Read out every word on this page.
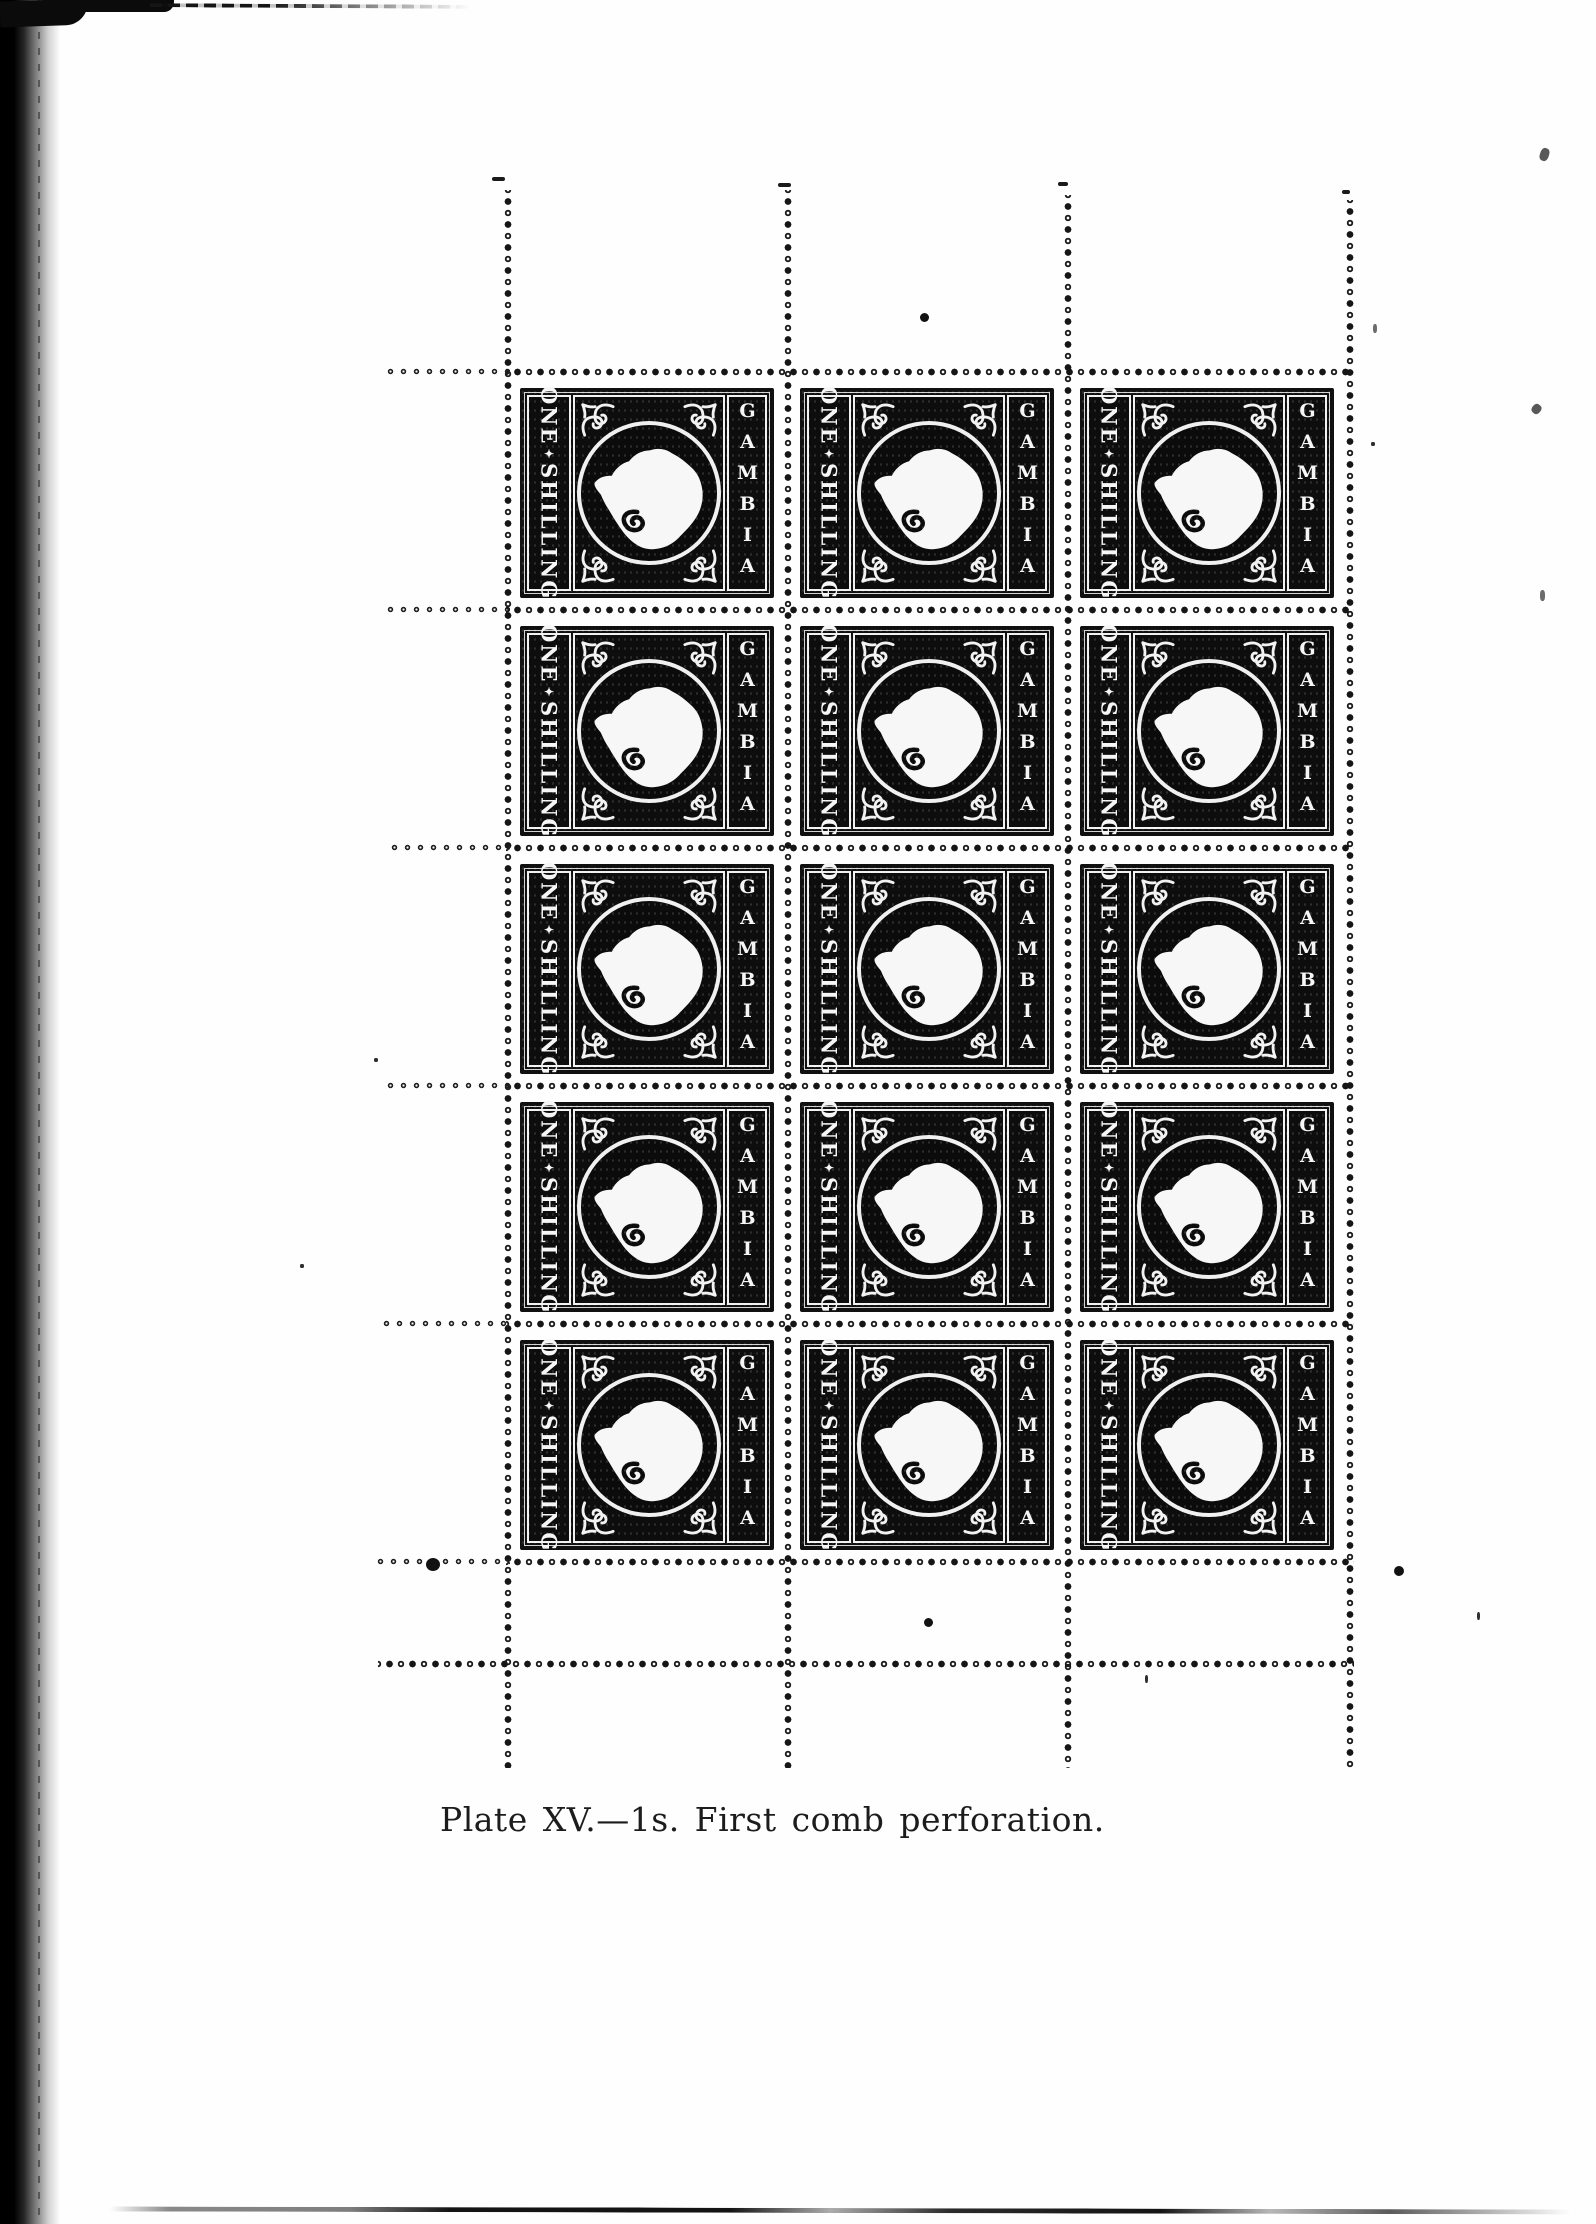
ONE
✦
SHILLING	GAMBIA	ONE
✦
SHILLING	GAMBIA	ONE
✦
SHILLING	GAMBIA
ONE
✦
SHILLING	GAMBIA	ONE
✦
SHILLING	GAMBIA	ONE
✦
SHILLING	GAMBIA
ONE
✦
SHILLING	GAMBIA	ONE
✦
SHILLING	GAMBIA	ONE
✦
SHILLING	GAMBIA
ONE
✦
SHILLING	GAMBIA	ONE
✦
SHILLING	GAMBIA	ONE
✦
SHILLING	GAMBIA
ONE
✦
SHILLING	GAMBIA	ONE
✦
SHILLING	GAMBIA	ONE
✦
SHILLING	GAMBIA
Plate XV.—1s. First comb perforation.
